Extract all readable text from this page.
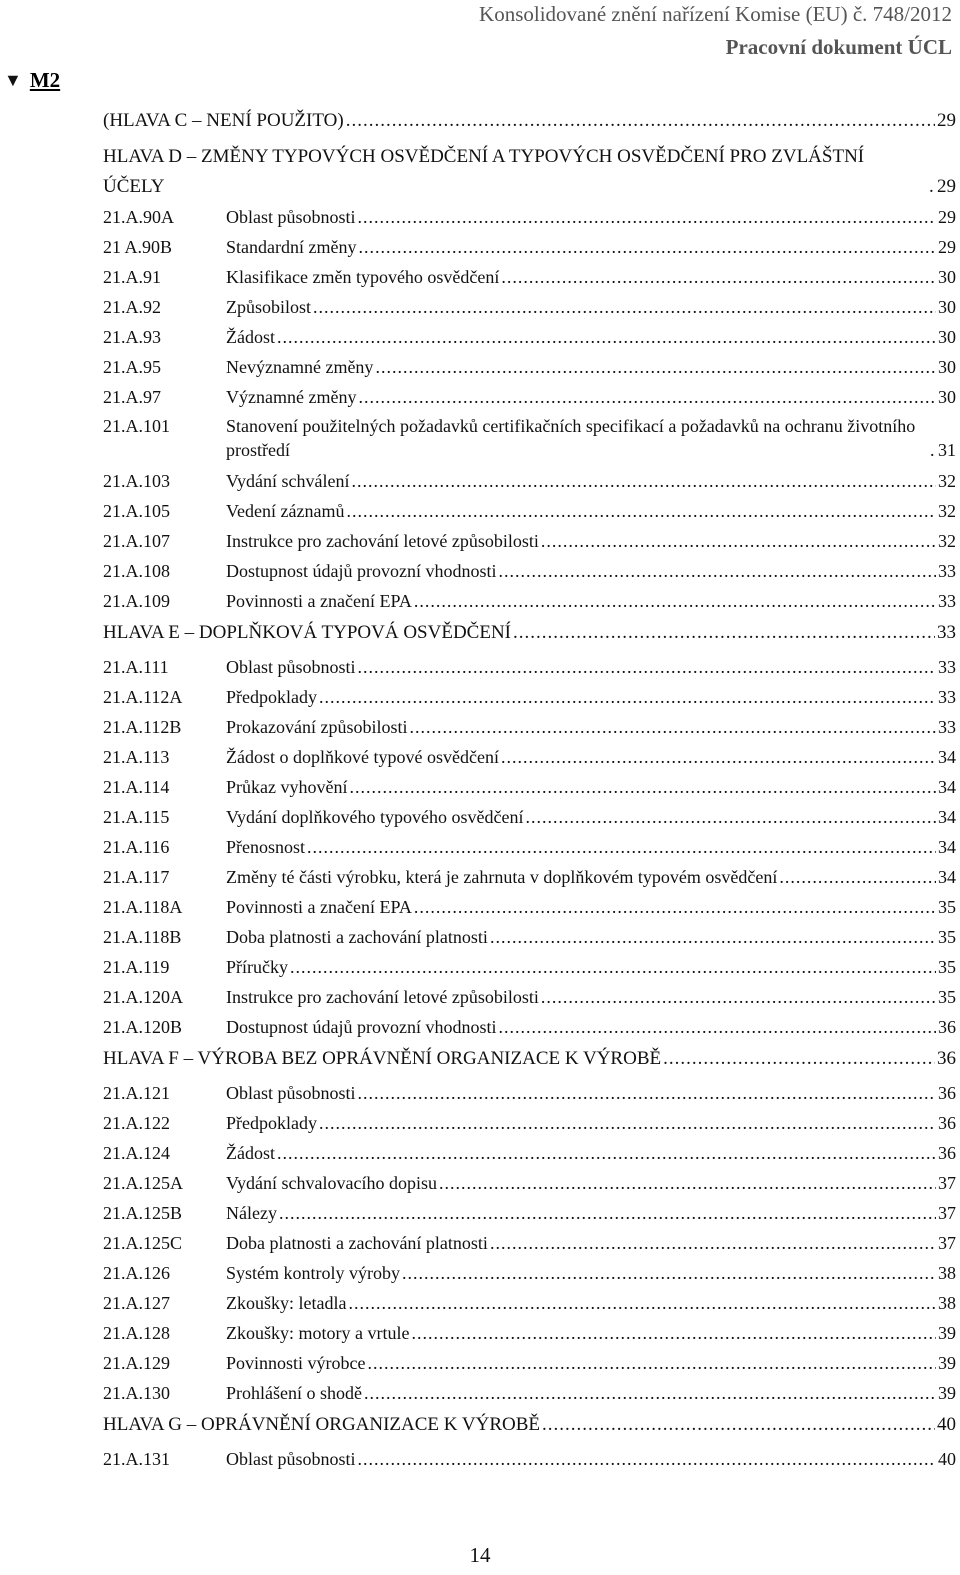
Konsolidované znění nařízení Komise (EU) č. 748/2012
Pracovní dokument ÚCL
▼ M2
(HLAVA C – NENÍ POUŽITO) .....	29
HLAVA D – ZMĚNY TYPOVÝCH OSVĚDČENÍ A TYPOVÝCH OSVĚDČENÍ PRO ZVLÁŠTNÍ ÚČELY .....	29
21.A.90A	Oblast působnosti .....	29
21 A.90B	Standardní změny .....	29
21.A.91	Klasifikace změn typového osvědčení .....	30
21.A.92	Způsobilost .....	30
21.A.93	Žádost .....	30
21.A.95	Nevýznamné změny .....	30
21.A.97	Významné změny .....	30
21.A.101	Stanovení použitelných požadavků certifikačních specifikací a požadavků na ochranu životního prostředí .....	31
21.A.103	Vydání schválení .....	32
21.A.105	Vedení záznamů .....	32
21.A.107	Instrukce pro zachování letové způsobilosti .....	32
21.A.108	Dostupnost údajů provozní vhodnosti .....	33
21.A.109	Povinnosti a značení EPA .....	33
HLAVA E – DOPLŇKOVÁ TYPOVÁ OSVĚDČENÍ .....	33
21.A.111	Oblast působnosti .....	33
21.A.112A	Předpoklady .....	33
21.A.112B	Prokazování způsobilosti .....	33
21.A.113	Žádost o doplňkové typové osvědčení .....	34
21.A.114	Průkaz vyhovění .....	34
21.A.115	Vydání doplňkového typového osvědčení .....	34
21.A.116	Přenosnost .....	34
21.A.117	Změny té části výrobku, která je zahrnuta v doplňkovém typovém osvědčení .....	34
21.A.118A	Povinnosti a značení EPA .....	35
21.A.118B	Doba platnosti a zachování platnosti .....	35
21.A.119	Příručky .....	35
21.A.120A	Instrukce pro zachování letové způsobilosti .....	35
21.A.120B	Dostupnost údajů provozní vhodnosti .....	36
HLAVA F – VÝROBA BEZ OPRÁVNĚNÍ ORGANIZACE K VÝROBĚ .....	36
21.A.121	Oblast působnosti .....	36
21.A.122	Předpoklady .....	36
21.A.124	Žádost .....	36
21.A.125A	Vydání schvalovacího dopisu .....	37
21.A.125B	Nálezy .....	37
21.A.125C	Doba platnosti a zachování platnosti .....	37
21.A.126	Systém kontroly výroby .....	38
21.A.127	Zkoušky: letadla .....	38
21.A.128	Zkoušky: motory a vrtule .....	39
21.A.129	Povinnosti výrobce .....	39
21.A.130	Prohlášení o shodě .....	39
HLAVA G – OPRÁVNĚNÍ ORGANIZACE K VÝROBĚ .....	40
21.A.131	Oblast působnosti .....	40
14
